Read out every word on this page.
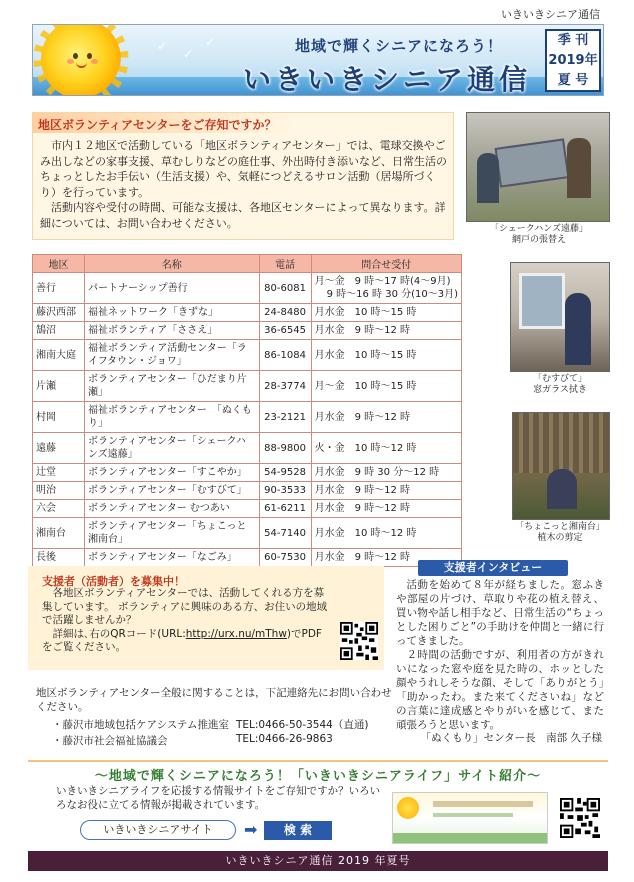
いきいきシニア通信
✓
✓
✓	地域で輝くシニアになろう！
いきいきシニア通信
季 刊
2019年
夏 号
地区ボランティアセンターをご存知ですか？

市内１２地区で活動している「地区ボランティアセンター」では、電球交換やごみ出しなどの家事支援、草むしりなどの庭仕事、外出時付き添いなど、日常生活のちょっとしたお手伝い（生活支援）や、気軽につどえるサロン活動（居場所づくり）を行っています。

活動内容や受付の時間、可能な支援は、各地区センターによって異なります。詳細については、お問い合わせください。	「シェークハンズ遠藤」
網戸の張替え
「むすびて」
窓ガラス拭き
「ちょこっと湘南台」
植木の剪定
地区	名称	電話	問合せ受付

善行	パートナーシップ善行	80-6081	月～金　9 時～17 時(4～9月)
9 時～16 時 30 分(10～3月)

藤沢西部	福祉ネットワーク「きずな」	24-8480	月水金　10 時～15 時

鵠沼	福祉ボランティア「ささえ」	36-6545	月水金　9 時～12 時

湘南大庭	福祉ボランティア活動センター「ライフタウン・ジョワ」	86-1084	月水金　10 時～15 時

片瀬	ボランティアセンター「ひだまり片瀬」	28-3774	月～金　10 時～15 時

村岡	福祉ボランティアセンター　「ぬくもり」	23-2121	月水金　9 時～12 時

遠藤	ボランティアセンター「シェークハンズ遠藤」	88-9800	火・金　10 時～12 時

辻堂	ボランティアセンター「すこやか」	54-9528	月水金　9 時 30 分～12 時

明治	ボランティアセンター「むすびて」	90-3533	月水金　9 時～12 時

六会	ボランティアセンター むつあい	61-6211	月水金　9 時～12 時

湘南台	ボランティアセンター「ちょこっと湘南台」	54-7140	月水金　10 時～12 時

長後	ボランティアセンター「なごみ」	60-7530	月水金　9 時～12 時
支援者（活動者）を募集中！

各地区ボランティアセンターでは、活動してくれる方を募集しています。 ボランティアに興味のある方、お住いの地域で活躍しませんか？

詳細は､右のQRコード(URL:http://urx.nu/mThw)でPDFをご覧ください。

地区ボランティアセンター全般に関することは，下記連絡先にお問い合わせください。
・藤沢市地域包括ケアシステム推進室 TEL:0466-50-3544（直通)
・藤沢市社会福祉協議会	TEL:0466-26-9863
支援者インタビュー

活動を始めて８年が経ちました。窓ふきや部屋の片づけ、草取りや花の植え替え、買い物や話し相手など、日常生活の“ちょっとした困りごと”の手助けを仲間と一緒に行ってきました。

２時間の活動ですが、利用者の方がきれいになった窓や庭を見た時の、ホッとした顔やうれしそうな顔、そして「ありがとう」「助かったわ。また来てくださいね」などの言葉に達成感とやりがいを感じて、また頑張ろうと思います。

「ぬくもり」センター長　南部 久子様
～地域で輝くシニアになろう！「いきいきシニアライフ」サイト紹介～
いきいきシニアライフを応援する情報サイトをご存知ですか？いろいろなお役に立てる情報が掲載されています。
いきいきシニアサイト	➡	検 索
いきいきシニア通信 2019 年夏号
